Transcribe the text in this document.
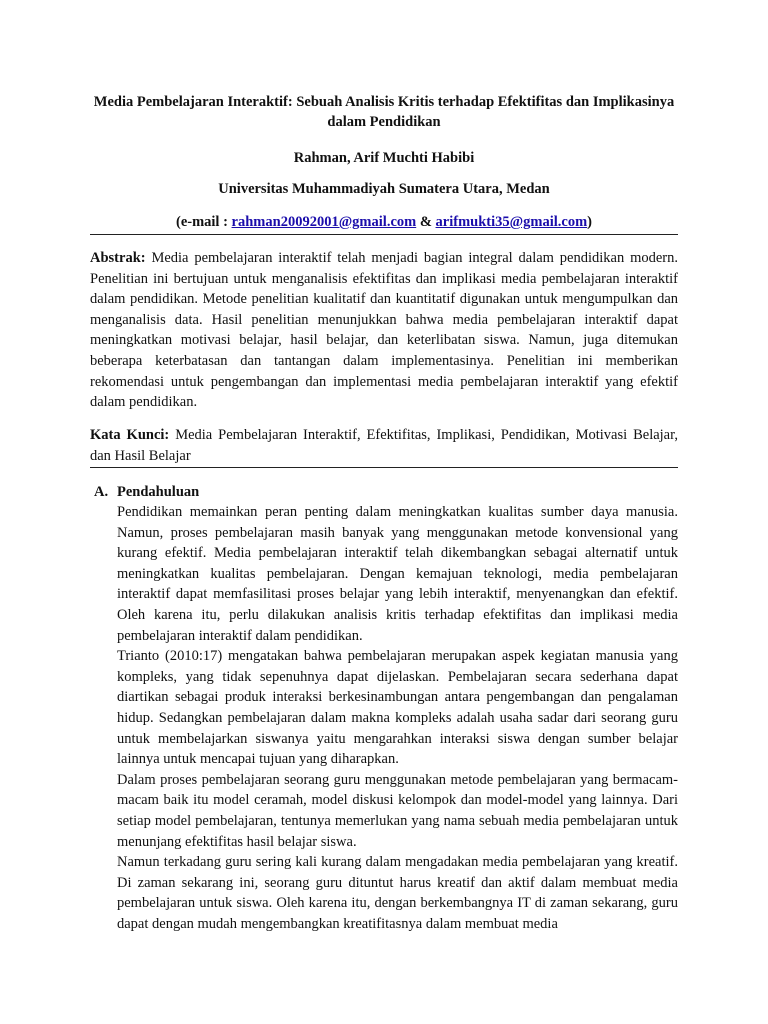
Media Pembelajaran Interaktif: Sebuah Analisis Kritis terhadap Efektifitas dan Implikasinya dalam Pendidikan
Rahman, Arif Muchti Habibi
Universitas Muhammadiyah Sumatera Utara, Medan
(e-mail : rahman20092001@gmail.com & arifmukti35@gmail.com)

Abstrak: Media pembelajaran interaktif telah menjadi bagian integral dalam pendidikan modern. Penelitian ini bertujuan untuk menganalisis efektifitas dan implikasi media pembelajaran interaktif dalam pendidikan. Metode penelitian kualitatif dan kuantitatif digunakan untuk mengumpulkan dan menganalisis data. Hasil penelitian menunjukkan bahwa media pembelajaran interaktif dapat meningkatkan motivasi belajar, hasil belajar, dan keterlibatan siswa. Namun, juga ditemukan beberapa keterbatasan dan tantangan dalam implementasinya. Penelitian ini memberikan rekomendasi untuk pengembangan dan implementasi media pembelajaran interaktif yang efektif dalam pendidikan.

Kata Kunci: Media Pembelajaran Interaktif, Efektifitas, Implikasi, Pendidikan, Motivasi Belajar, dan Hasil Belajar

A. Pendahuluan

Pendidikan memainkan peran penting dalam meningkatkan kualitas sumber daya manusia. Namun, proses pembelajaran masih banyak yang menggunakan metode konvensional yang kurang efektif. Media pembelajaran interaktif telah dikembangkan sebagai alternatif untuk meningkatkan kualitas pembelajaran. Dengan kemajuan teknologi, media pembelajaran interaktif dapat memfasilitasi proses belajar yang lebih interaktif, menyenangkan dan efektif. Oleh karena itu, perlu dilakukan analisis kritis terhadap efektifitas dan implikasi media pembelajaran interaktif dalam pendidikan.

Trianto (2010:17) mengatakan bahwa pembelajaran merupakan aspek kegiatan manusia yang kompleks, yang tidak sepenuhnya dapat dijelaskan. Pembelajaran secara sederhana dapat diartikan sebagai produk interaksi berkesinambungan antara pengembangan dan pengalaman hidup. Sedangkan pembelajaran dalam makna kompleks adalah usaha sadar dari seorang guru untuk membelajarkan siswanya yaitu mengarahkan interaksi siswa dengan sumber belajar lainnya untuk mencapai tujuan yang diharapkan.

Dalam proses pembelajaran seorang guru menggunakan metode pembelajaran yang bermacam-macam baik itu model ceramah, model diskusi kelompok dan model-model yang lainnya. Dari setiap model pembelajaran, tentunya memerlukan yang nama sebuah media pembelajaran untuk menunjang efektifitas hasil belajar siswa.

Namun terkadang guru sering kali kurang dalam mengadakan media pembelajaran yang kreatif. Di zaman sekarang ini, seorang guru dituntut harus kreatif dan aktif dalam membuat media pembelajaran untuk siswa. Oleh karena itu, dengan berkembangnya IT di zaman sekarang, guru dapat dengan mudah mengembangkan kreatifitasnya dalam membuat media
